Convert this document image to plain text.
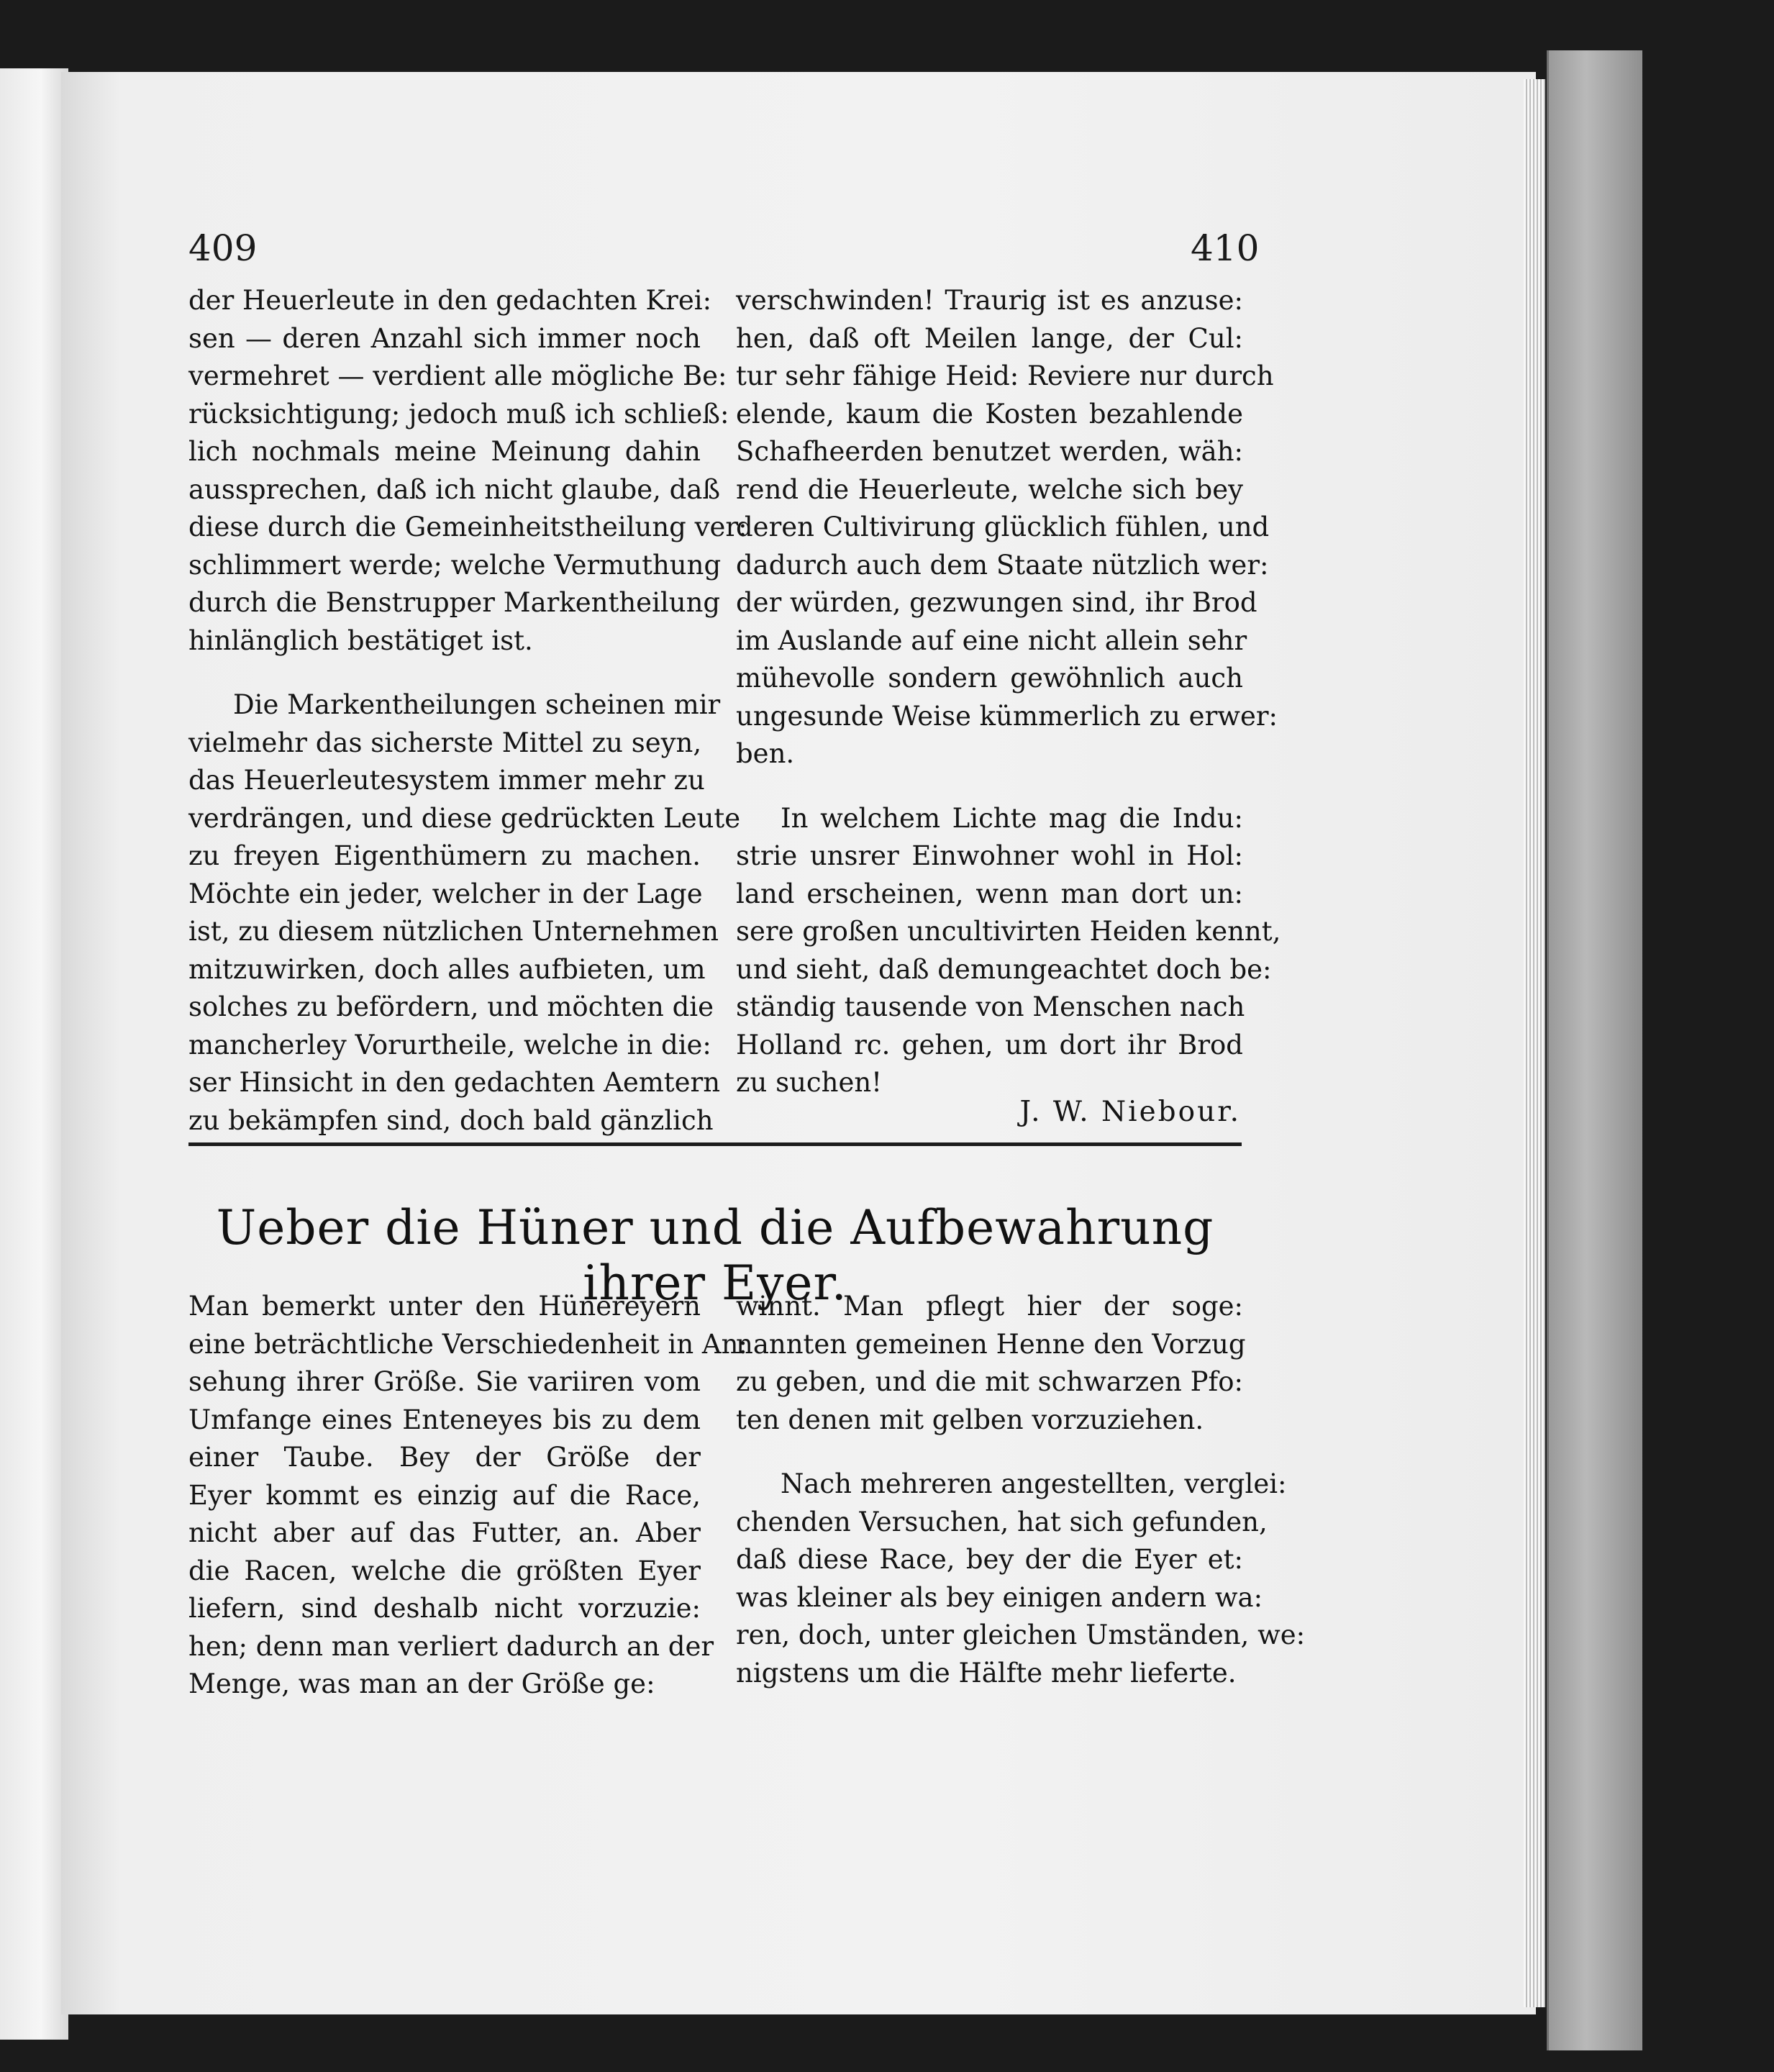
409	410
der Heuerleute in den gedachten Krei:
sen — deren Anzahl sich immer noch
vermehret — verdient alle mögliche Be:
rücksichtigung; jedoch muß ich schließ:
lich nochmals meine Meinung dahin
aussprechen, daß ich nicht glaube, daß
diese durch die Gemeinheitstheilung ver:
schlimmert werde; welche Vermuthung
durch die Benstrupper Markentheilung
hinlänglich bestätiget ist.
Die Markentheilungen scheinen mir
vielmehr das sicherste Mittel zu seyn,
das Heuerleutesystem immer mehr zu
verdrängen, und diese gedrückten Leute
zu freyen Eigenthümern zu machen.
Möchte ein jeder, welcher in der Lage
ist, zu diesem nützlichen Unternehmen
mitzuwirken, doch alles aufbieten, um
solches zu befördern, und möchten die
mancherley Vorurtheile, welche in die:
ser Hinsicht in den gedachten Aemtern
zu bekämpfen sind, doch bald gänzlich
verschwinden! Traurig ist es anzuse:
hen, daß oft Meilen lange, der Cul:
tur sehr fähige Heid: Reviere nur durch
elende, kaum die Kosten bezahlende
Schafheerden benutzet werden, wäh:
rend die Heuerleute, welche sich bey
deren Cultivirung glücklich fühlen, und
dadurch auch dem Staate nützlich wer:
der würden, gezwungen sind, ihr Brod
im Auslande auf eine nicht allein sehr
mühevolle sondern gewöhnlich auch
ungesunde Weise kümmerlich zu erwer:
ben.
In welchem Lichte mag die Indu:
strie unsrer Einwohner wohl in Hol:
land erscheinen, wenn man dort un:
sere großen uncultivirten Heiden kennt,
und sieht, daß demungeachtet doch be:
ständig tausende von Menschen nach
Holland rc. gehen, um dort ihr Brod
zu suchen!
J. W. Niebour.
Ueber die Hüner und die Aufbewahrung ihrer Eyer.
Man bemerkt unter den Hünereyern
eine beträchtliche Verschiedenheit in An:
sehung ihrer Größe. Sie variiren vom
Umfange eines Enteneyes bis zu dem
einer Taube. Bey der Größe der
Eyer kommt es einzig auf die Race,
nicht aber auf das Futter, an. Aber
die Racen, welche die größten Eyer
liefern, sind deshalb nicht vorzuzie:
hen; denn man verliert dadurch an der
Menge, was man an der Größe ge:
winnt. Man pflegt hier der soge:
nannten gemeinen Henne den Vorzug
zu geben, und die mit schwarzen Pfo:
ten denen mit gelben vorzuziehen.
Nach mehreren angestellten, verglei:
chenden Versuchen, hat sich gefunden,
daß diese Race, bey der die Eyer et:
was kleiner als bey einigen andern wa:
ren, doch, unter gleichen Umständen, we:
nigstens um die Hälfte mehr lieferte.
